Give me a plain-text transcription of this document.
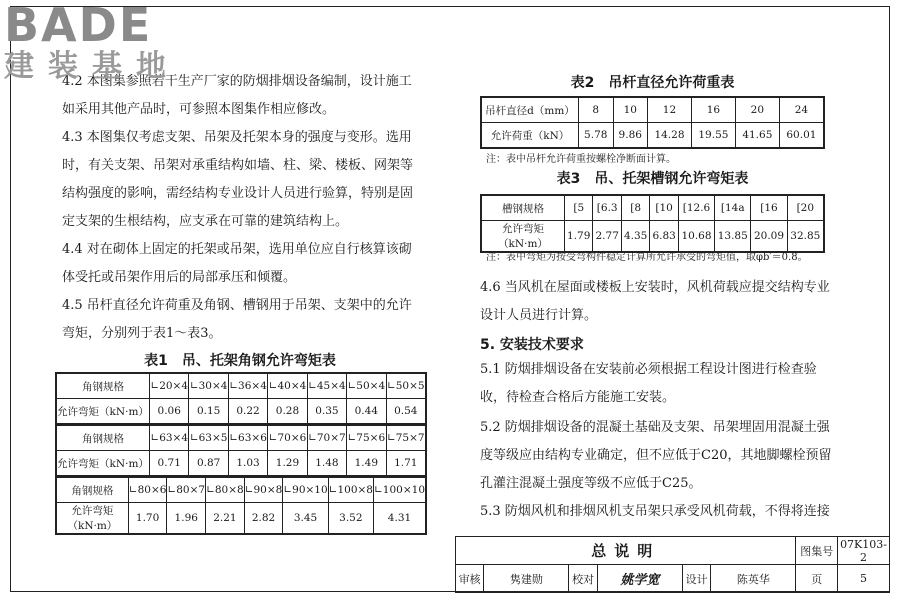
BADE
建装基地

4.2 本图集参照若干生产厂家的防烟排烟设备编制，设计施工如采用其他产品时，可参照本图集作相应修改。

4.3 本图集仅考虑支架、吊架及托架本身的强度与变形。选用时，有关支架、吊架对承重结构如墙、柱、梁、楼板、网架等结构强度的影响，需经结构专业设计人员进行验算，特别是固定支架的生根结构，应支承在可靠的建筑结构上。

4.4 对在砌体上固定的托架或吊架，选用单位应自行核算该砌体受托或吊架作用后的局部承压和倾覆。

4.5 吊杆直径允许荷重及角钢、槽钢用于吊架、支架中的允许弯矩，分别列于表1～表3。

表1　吊、托架角钢允许弯矩表
角钢规格	∟20×4	∟30×4	∟36×4	∟40×4	∟45×4	∟50×4	∟50×5
允许弯矩（kN·m）	0.06	0.15	0.22	0.28	0.35	0.44	0.54
角钢规格	∟63×4	∟63×5	∟63×6	∟70×6	∟70×7	∟75×6	∟75×7
允许弯矩（kN·m）	0.71	0.87	1.03	1.29	1.48	1.49	1.71
角钢规格	∟80×6	∟80×7	∟80×8	∟90×8	∟90×10	∟100×8	∟100×10
允许弯矩（kN·m）	1.70	1.96	2.21	2.82	3.45	3.52	4.31
表2　吊杆直径允许荷重表
吊杆直径d（mm）	8	10	12	16	20	24
允许荷重（kN）	5.78	9.86	14.28	19.55	41.65	60.01
注：表中吊杆允许荷重按螺栓净断面计算。
表3　吊、托架槽钢允许弯矩表
槽钢规格	[5	[6.3	[8	[10	[12.6	[14a	[16	[20
允许弯矩（kN·m）	1.79	2.77	4.35	6.83	10.68	13.85	20.09	32.85
注：表中弯矩为按受弯构件稳定计算所允许承受的弯矩值，取φb′＝0.8。

4.6 当风机在屋面或楼板上安装时，风机荷载应提交结构专业设计人员进行计算。

5. 安装技术要求

5.1 防烟排烟设备在安装前必须根据工程设计图进行检查验收，待检查合格后方能施工安装。

5.2 防烟排烟设备的混凝土基础及支架、吊架埋固用混凝土强度等级应由结构专业确定，但不应低于C20，其地脚螺栓预留孔灌注混凝土强度等级不应低于C25。

5.3 防烟风机和排烟风机支吊架只承受风机荷载，不得将连接

总说明						图集号	07K103-2
审核	隽建勋	校对	姚学宽	设计	陈英华	页	5
